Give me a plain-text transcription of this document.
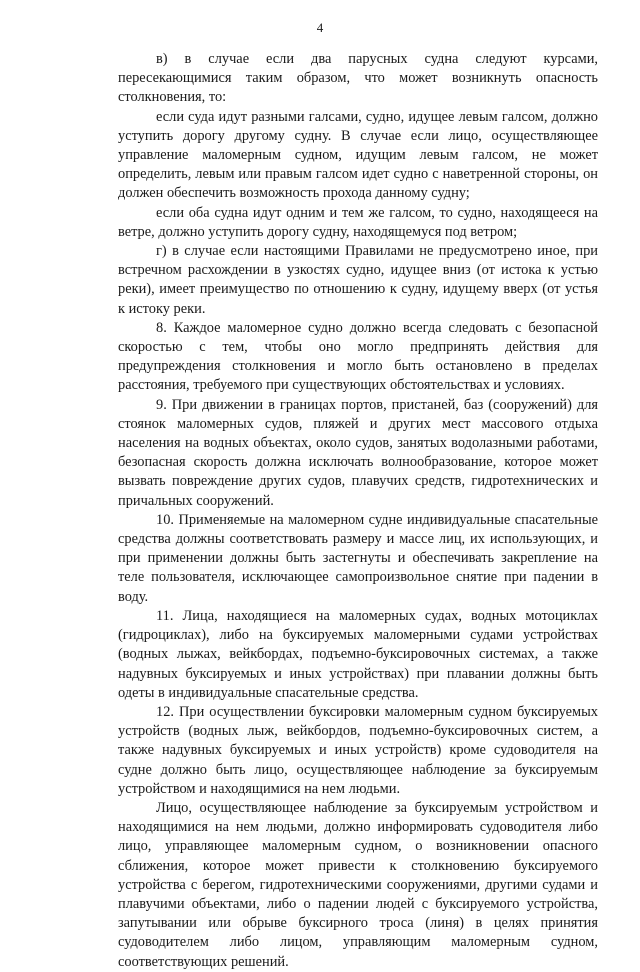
4

в) в случае если два парусных судна следуют курсами, пересекающимися таким образом, что может возникнуть опасность столкновения, то:

если суда идут разными галсами, судно, идущее левым галсом, должно уступить дорогу другому судну. В случае если лицо, осуществляющее управление маломерным судном, идущим левым галсом, не может определить, левым или правым галсом идет судно с наветренной стороны, он должен обеспечить возможность прохода данному судну;

если оба судна идут одним и тем же галсом, то судно, находящееся на ветре, должно уступить дорогу судну, находящемуся под ветром;

г) в случае если настоящими Правилами не предусмотрено иное, при встречном расхождении в узкостях судно, идущее вниз (от истока к устью реки), имеет преимущество по отношению к судну, идущему вверх (от устья к истоку реки.

8. Каждое маломерное судно должно всегда следовать с безопасной скоростью с тем, чтобы оно могло предпринять действия для предупреждения столкновения и могло быть остановлено в пределах расстояния, требуемого при существующих обстоятельствах и условиях.

9. При движении в границах портов, пристаней, баз (сооружений) для стоянок маломерных судов, пляжей и других мест массового отдыха населения на водных объектах, около судов, занятых водолазными работами, безопасная скорость должна исключать волнообразование, которое может вызвать повреждение других судов, плавучих средств, гидротехнических и причальных сооружений.

10. Применяемые на маломерном судне индивидуальные спасательные средства должны соответствовать размеру и массе лиц, их использующих, и при применении должны быть застегнуты и обеспечивать закрепление на теле пользователя, исключающее самопроизвольное снятие при падении в воду.

11. Лица, находящиеся на маломерных судах, водных мотоциклах (гидроциклах), либо на буксируемых маломерными судами устройствах (водных лыжах, вейкбордах, подъемно-буксировочных системах, а также надувных буксируемых и иных устройствах) при плавании должны быть одеты в индивидуальные спасательные средства.

12. При осуществлении буксировки маломерным судном буксируемых устройств (водных лыж, вейкбордов, подъемно-буксировочных систем, а также надувных буксируемых и иных устройств) кроме судоводителя на судне должно быть лицо, осуществляющее наблюдение за буксируемым устройством и находящимися на нем людьми.

Лицо, осуществляющее наблюдение за буксируемым устройством и находящимися на нем людьми, должно информировать судоводителя либо лицо, управляющее маломерным судном, о возникновении опасного сближения, которое может привести к столкновению буксируемого устройства с берегом, гидротехническими сооружениями, другими судами и плавучими объектами, либо о падении людей с буксируемого устройства, запутывании или обрыве буксирного троса (линя) в целях принятия судоводителем либо лицом, управляющим маломерным судном, соответствующих решений.
